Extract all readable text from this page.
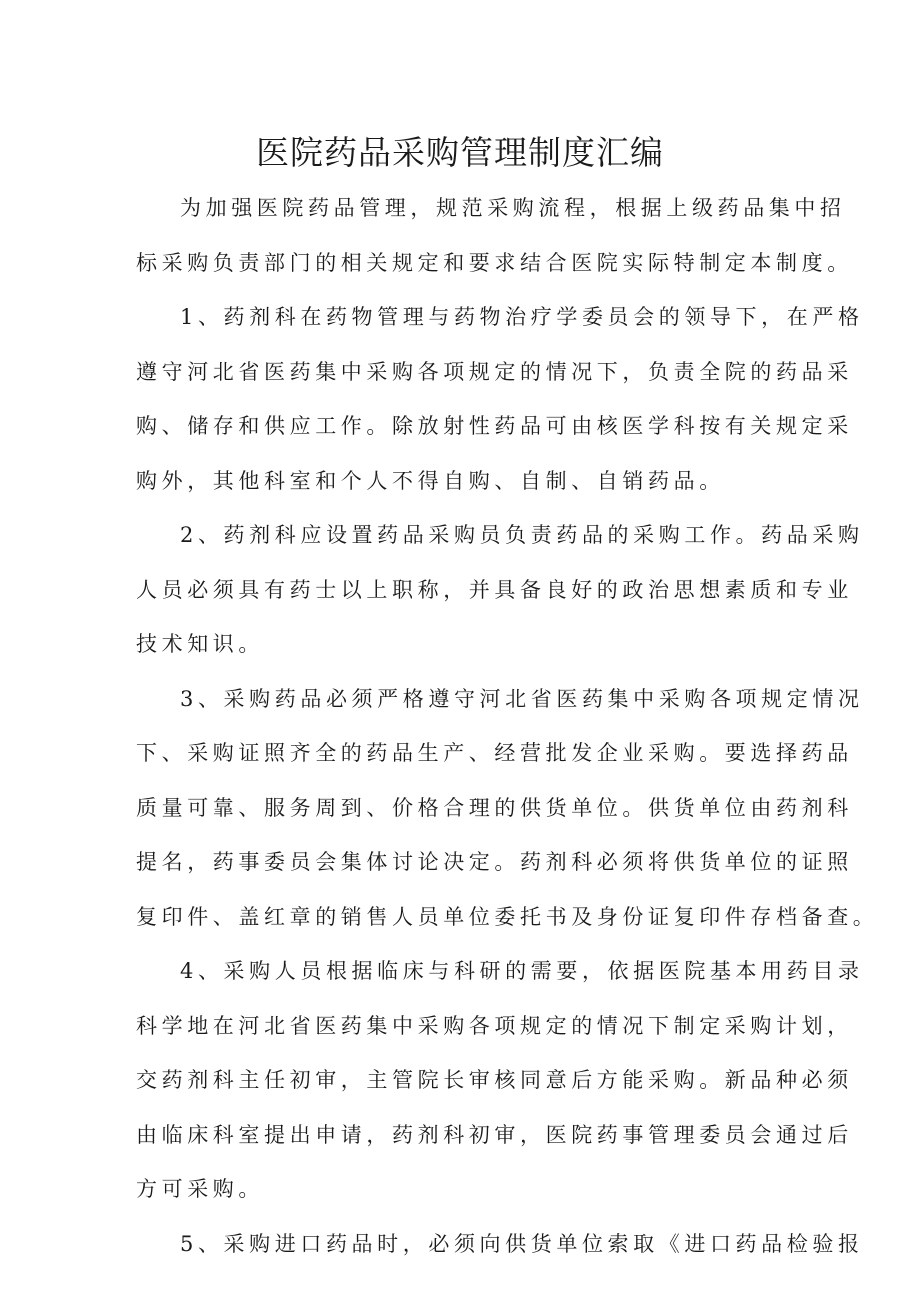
医院药品采购管理制度汇编

为加强医院药品管理，规范采购流程，根据上级药品集中招
标采购负责部门的相关规定和要求结合医院实际特制定本制度。

1、药剂科在药物管理与药物治疗学委员会的领导下，在严格
遵守河北省医药集中采购各项规定的情况下，负责全院的药品采
购、储存和供应工作。除放射性药品可由核医学科按有关规定采
购外，其他科室和个人不得自购、自制、自销药品。

2、药剂科应设置药品采购员负责药品的采购工作。药品采购
人员必须具有药士以上职称，并具备良好的政治思想素质和专业
技术知识。

3、采购药品必须严格遵守河北省医药集中采购各项规定情况
下、采购证照齐全的药品生产、经营批发企业采购。要选择药品
质量可靠、服务周到、价格合理的供货单位。供货单位由药剂科
提名，药事委员会集体讨论决定。药剂科必须将供货单位的证照
复印件、盖红章的销售人员单位委托书及身份证复印件存档备查。

4、采购人员根据临床与科研的需要，依据医院基本用药目录
科学地在河北省医药集中采购各项规定的情况下制定采购计划，
交药剂科主任初审，主管院长审核同意后方能采购。新品种必须
由临床科室提出申请，药剂科初审，医院药事管理委员会通过后
方可采购。

5、采购进口药品时，必须向供货单位索取《进口药品检验报
